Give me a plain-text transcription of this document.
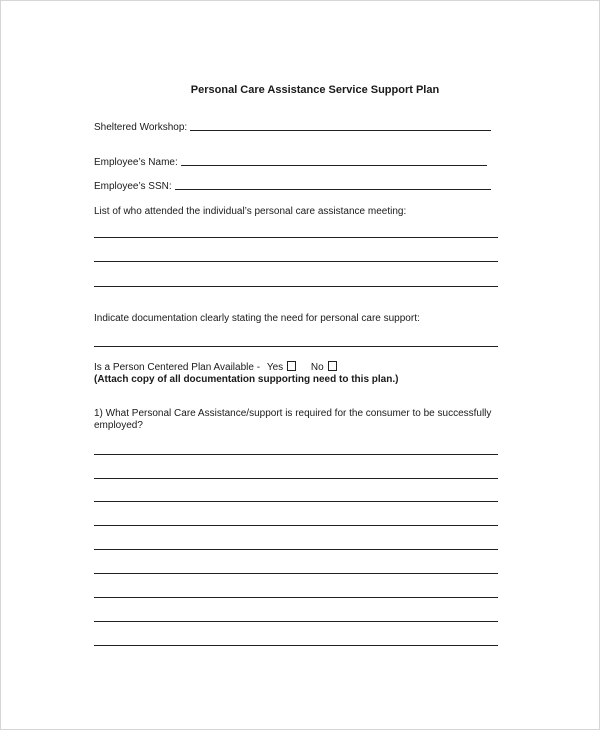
Personal Care Assistance Service Support Plan
Sheltered Workshop:
Employee’s Name:
Employee’s SSN:
List of who attended the individual’s personal care assistance meeting:
Indicate documentation clearly stating the need for personal care support:
Is a Person Centered Plan Available - Yes	No
(Attach copy of all documentation supporting need to this plan.)
1) What Personal Care Assistance/support is required for the consumer to be successfully
employed?
